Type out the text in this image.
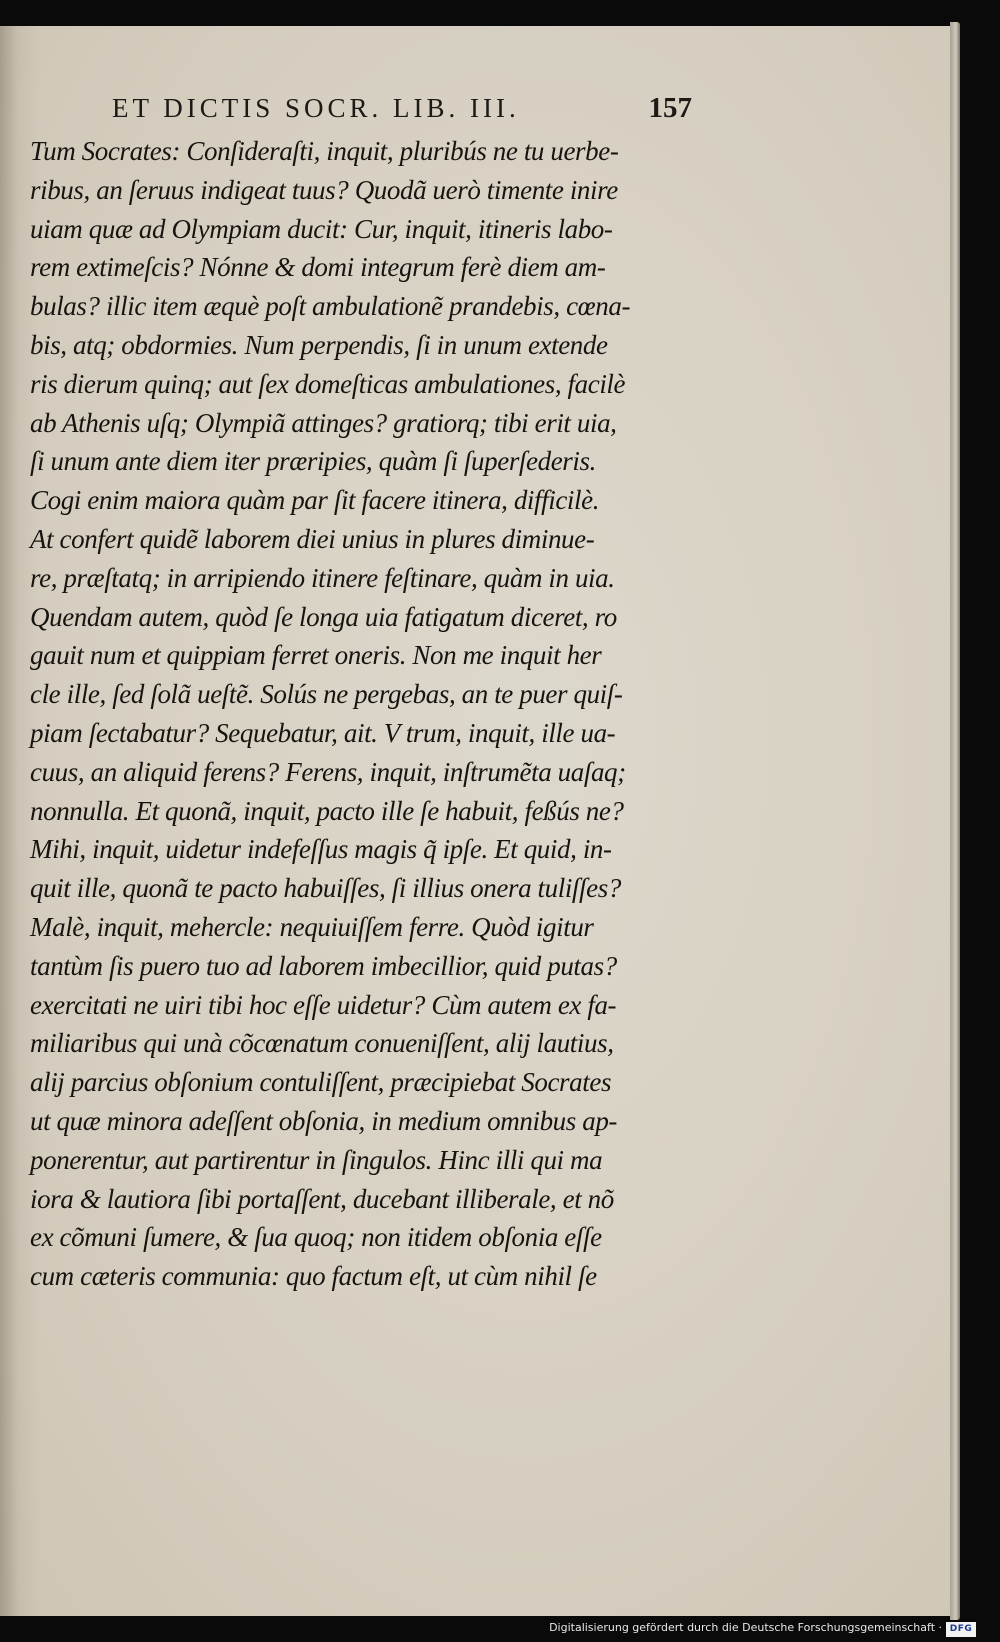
ET DICTIS SOCR. LIB. III.	157
Tum Socrates: Conſideraſti, inquit, pluribús ne tu uerbe-
ribus, an ſeruus indigeat tuus? Quodã uerò timente inire
uiam quæ ad Olympiam ducit: Cur, inquit, itineris labo-
rem extimeſcis? Nónne & domi integrum ferè diem am-
bulas? illic item æquè poſt ambulationẽ prandebis, cœna-
bis, atq; obdormies. Num perpendis, ſi in unum extende
ris dierum quinq; aut ſex domeſticas ambulationes, facilè
ab Athenis uſq; Olympiã attinges? gratiorq; tibi erit uia,
ſi unum ante diem iter præripies, quàm ſi ſuperſederis.
Cogi enim maiora quàm par ſit facere itinera, difficilè.
At confert quidẽ laborem diei unius in plures diminue-
re, præſtatq; in arripiendo itinere feſtinare, quàm in uia.
Quendam autem, quòd ſe longa uia fatigatum diceret, ro
gauit num et quippiam ferret oneris. Non me inquit her
cle ille, ſed ſolã ueſtẽ. Solús ne pergebas, an te puer quiſ-
piam ſectabatur? Sequebatur, ait. V trum, inquit, ille ua-
cuus, an aliquid ferens? Ferens, inquit, inſtrumẽta uaſaq;
nonnulla. Et quonã, inquit, pacto ille ſe habuit, feßús ne?
Mihi, inquit, uidetur indefeſſus magis q̃ ipſe. Et quid, in-
quit ille, quonã te pacto habuiſſes, ſi illius onera tuliſſes?
Malè, inquit, mehercle: nequiuiſſem ferre. Quòd igitur
tantùm ſis puero tuo ad laborem imbecillior, quid putas?
exercitati ne uiri tibi hoc eſſe uidetur? Cùm autem ex fa-
miliaribus qui unà cõcœnatum conueniſſent, alij lautius,
alij parcius obſonium contuliſſent, præcipiebat Socrates
ut quæ minora adeſſent obſonia, in medium omnibus ap-
ponerentur, aut partirentur in ſingulos. Hinc illi qui ma
iora & lautiora ſibi portaſſent, ducebant illiberale, et nõ
ex cõmuni ſumere, & ſua quoq; non itidem obſonia eſſe
cum cæteris communia: quo factum eſt, ut cùm nihil ſe
Digitalisierung gefördert durch die Deutsche Forschungsgemeinschaft · DFG
